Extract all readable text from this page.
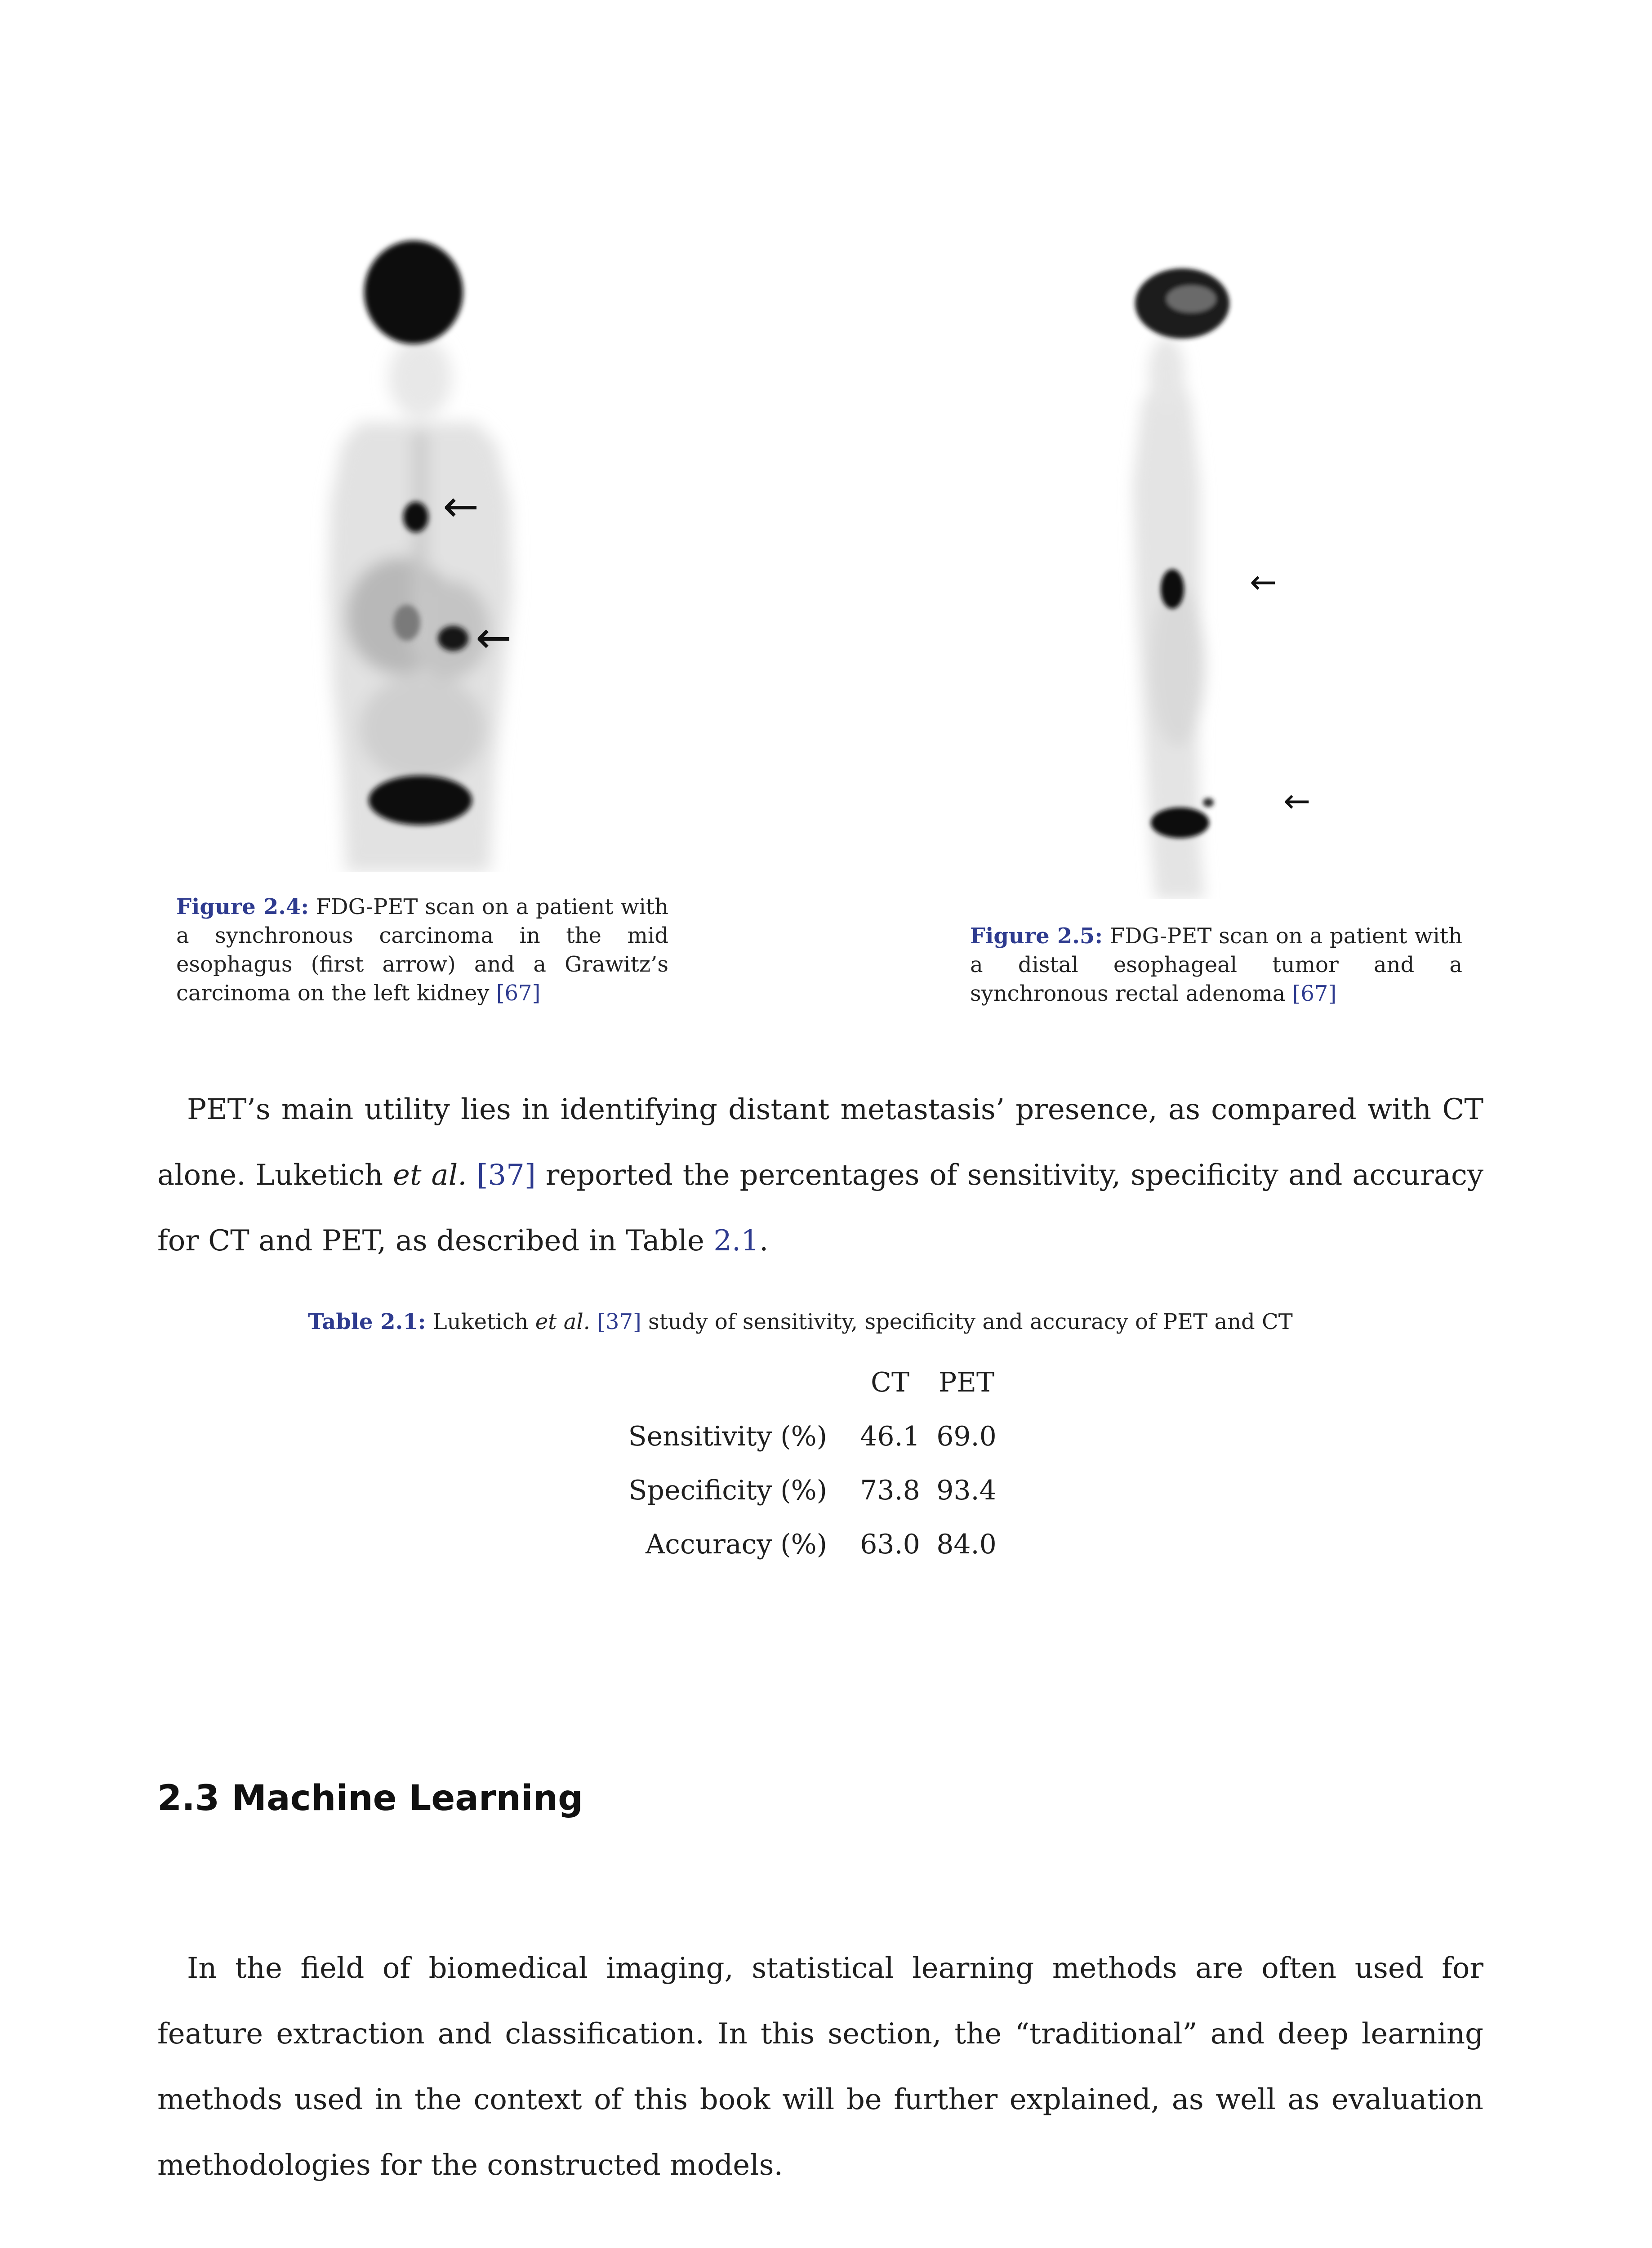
←
←
←
←
Figure 2.4: FDG-PET scan on a patient with a synchronous carcinoma in the mid esophagus (first arrow) and a Grawitz’s carcinoma on the left kidney [67]
Figure 2.5: FDG-PET scan on a patient with a distal esophageal tumor and a synchronous rectal adenoma [67]
PET’s main utility lies in identifying distant metastasis’ presence, as compared with CT alone. Luketich et al. [37] reported the percentages of sensitivity, specificity and accuracy for CT and PET, as described in Table 2.1.
Table 2.1: Luketich et al. [37] study of sensitivity, specificity and accuracy of PET and CT
CT PET
Sensitivity (%)	46.1 69.0
Specificity (%)	73.8 93.4
Accuracy (%)	63.0 84.0
2.3 Machine Learning
In the field of biomedical imaging, statistical learning methods are often used for feature extraction and classification. In this section, the “traditional” and deep learning methods used in the context of this book will be further explained, as well as evaluation methodologies for the constructed models.
